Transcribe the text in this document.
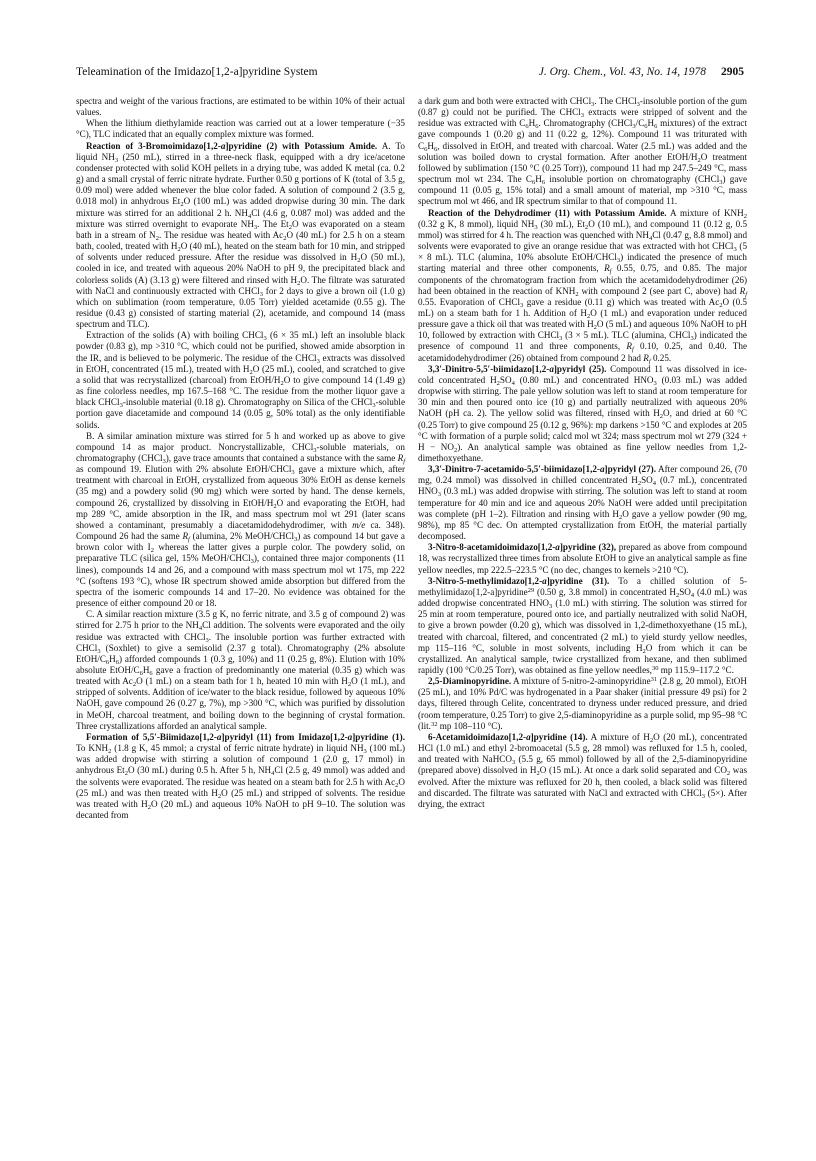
Teleamination of the Imidazo[1,2-a]pyridine System	J. Org. Chem., Vol. 43, No. 14, 1978 2905

spectra and weight of the various fractions, are estimated to be within 10% of their actual values.

When the lithium diethylamide reaction was carried out at a lower temperature (−35 °C), TLC indicated that an equally complex mixture was formed.

Reaction of 3-Bromoimidazo[1,2-a]pyridine (2) with Potassium Amide. A. To liquid $NH_3$ (250 mL), stirred in a three-neck flask, equipped with a dry ice/acetone condenser protected with solid KOH pellets in a drying tube, was added K metal (ca. 0.2 g) and a small crystal of ferric nitrate hydrate. Further 0.50 g portions of K (total of 3.5 g, 0.09 mol) were added whenever the blue color faded. A solution of compound 2 (3.5 g, 0.018 mol) in anhydrous $Et_2O$ (100 mL) was added dropwise during 30 min. The dark mixture was stirred for an additional 2 h. $NH_4Cl$ (4.6 g, 0.087 mol) was added and the mixture was stirred overnight to evaporate $NH_3$. The $Et_2O$ was evaporated on a steam bath in a stream of $N_2$. The residue was heated with $Ac_2O$ (40 mL) for 2.5 h on a steam bath, cooled, treated with $H_2O$ (40 mL), heated on the steam bath for 10 min, and stripped of solvents under reduced pressure. After the residue was dissolved in $H_2O$ (50 mL), cooled in ice, and treated with aqueous 20% NaOH to pH 9, the precipitated black and colorless solids (A) (3.13 g) were filtered and rinsed with $H_2O$. The filtrate was saturated with NaCl and continuously extracted with CHCl$_3$ for 2 days to give a brown oil (1.0 g) which on sublimation (room temperature, 0.05 Torr) yielded acetamide (0.55 g). The residue (0.43 g) consisted of starting material (2), acetamide, and compound 14 (mass spectrum and TLC).

Extraction of the solids (A) with boiling CHCl$_3$ (6 × 35 mL) left an insoluble black powder (0.83 g), mp >310 °C, which could not be purified, showed amide absorption in the IR, and is believed to be polymeric. The residue of the CHCl$_3$ extracts was dissolved in EtOH, concentrated (15 mL), treated with $H_2O$ (25 mL), cooled, and scratched to give a solid that was recrystallized (charcoal) from EtOH/$H_2O$ to give compound 14 (1.49 g) as fine colorless needles, mp 167.5–168 °C. The residue from the mother liquor gave a black CHCl$_3$-insoluble material (0.18 g). Chromatography on Silica of the CHCl$_3$-soluble portion gave diacetamide and compound 14 (0.05 g, 50% total) as the only identifiable solids.

B. A similar amination mixture was stirred for 5 h and worked up as above to give compound 14 as major product. Noncrystallizable, CHCl$_3$-soluble materials, on chromatography (CHCl$_3$), gave trace amounts that contained a substance with the same $R_f$ as compound 19. Elution with 2% absolute EtOH/CHCl$_3$ gave a mixture which, after treatment with charcoal in EtOH, crystallized from aqueous 30% EtOH as dense kernels (35 mg) and a powdery solid (90 mg) which were sorted by hand. The dense kernels, compound 26, crystallized by dissolving in EtOH/$H_2O$ and evaporating the EtOH, had mp 289 °C, amide absorption in the IR, and mass spectrum mol wt 291 (later scans showed a contaminant, presumably a diacetamidodehydrodimer, with m/e ca. 348). Compound 26 had the same $R_f$ (alumina, 2% MeOH/CHCl$_3$) as compound 14 but gave a brown color with $I_2$ whereas the latter gives a purple color. The powdery solid, on preparative TLC (silica gel, 15% MeOH/CHCl$_3$), contained three major components (11 lines), compounds 14 and 26, and a compound with mass spectrum mol wt 175, mp 222 °C (softens 193 °C), whose IR spectrum showed amide absorption but differed from the spectra of the isomeric compounds 14 and 17–20. No evidence was obtained for the presence of either compound 20 or 18.

C. A similar reaction mixture (3.5 g K, no ferric nitrate, and 3.5 g of compound 2) was stirred for 2.75 h prior to the $NH_4Cl$ addition. The solvents were evaporated and the oily residue was extracted with CHCl$_3$. The insoluble portion was further extracted with CHCl$_3$ (Soxhlet) to give a semisolid (2.37 g total). Chromatography (2% absolute EtOH/$C_6H_6$) afforded compounds 1 (0.3 g, 10%) and 11 (0.25 g, 8%). Elution with 10% absolute EtOH/$C_6H_6$ gave a fraction of predominantly one material (0.35 g) which was treated with $Ac_2O$ (1 mL) on a steam bath for 1 h, heated 10 min with $H_2O$ (1 mL), and stripped of solvents. Addition of ice/water to the black residue, followed by aqueous 10% NaOH, gave compound 26 (0.27 g, 7%), mp >300 °C, which was purified by dissolution in MeOH, charcoal treatment, and boiling down to the beginning of crystal formation. Three crystallizations afforded an analytical sample.

Formation of 5,5′-Biimidazo[1,2-a]pyridyl (11) from Imidazo[1,2-a]pyridine (1). To $KNH_2$ (1.8 g K, 45 mmol; a crystal of ferric nitrate hydrate) in liquid $NH_3$ (100 mL) was added dropwise with stirring a solution of compound 1 (2.0 g, 17 mmol) in anhydrous $Et_2O$ (30 mL) during 0.5 h. After 5 h, $NH_4Cl$ (2.5 g, 49 mmol) was added and the solvents were evaporated. The residue was heated on a steam bath for 2.5 h with $Ac_2O$ (25 mL) and was then treated with $H_2O$ (25 mL) and stripped of solvents. The residue was treated with $H_2O$ (20 mL) and aqueous 10% NaOH to pH 9–10. The solution was decanted from

a dark gum and both were extracted with CHCl$_3$. The CHCl$_3$-insoluble portion of the gum (0.87 g) could not be purified. The CHCl$_3$ extracts were stripped of solvent and the residue was extracted with $C_6H_6$. Chromatography ($CHCl_3/C_6H_6$ mixtures) of the extract gave compounds 1 (0.20 g) and 11 (0.22 g, 12%). Compound 11 was triturated with $C_6H_6$, dissolved in EtOH, and treated with charcoal. Water (2.5 mL) was added and the solution was boiled down to crystal formation. After another EtOH/$H_2O$ treatment followed by sublimation (150 °C (0.25 Torr)), compound 11 had mp 247.5–249 °C, mass spectrum mol wt 234. The $C_6H_6$ insoluble portion on chromatography (CHCl$_3$) gave compound 11 (0.05 g, 15% total) and a small amount of material, mp >310 °C, mass spectrum mol wt 466, and IR spectrum similar to that of compound 11.

Reaction of the Dehydrodimer (11) with Potassium Amide. A mixture of $KNH_2$ (0.32 g K, 8 mmol), liquid $NH_3$ (30 mL), $Et_2O$ (10 mL), and compound 11 (0.12 g, 0.5 mmol) was stirred for 4 h. The reaction was quenched with $NH_4Cl$ (0.47 g, 8.8 mmol) and solvents were evaporated to give an orange residue that was extracted with hot CHCl$_3$ (5 × 8 mL). TLC (alumina, 10% absolute EtOH/CHCl$_3$) indicated the presence of much starting material and three other components, $R_f$ 0.55, 0.75, and 0.85. The major components of the chromatogram fraction from which the acetamidodehydrodimer (26) had been obtained in the reaction of $KNH_2$ with compound 2 (see part C, above) had $R_f$ 0.55. Evaporation of CHCl$_3$ gave a residue (0.11 g) which was treated with $Ac_2O$ (0.5 mL) on a steam bath for 1 h. Addition of $H_2O$ (1 mL) and evaporation under reduced pressure gave a thick oil that was treated with $H_2O$ (5 mL) and aqueous 10% NaOH to pH 10, followed by extraction with CHCl$_3$ (3 × 5 mL). TLC (alumina, CHCl$_3$) indicated the presence of compound 11 and three components, $R_f$ 0.10, 0.25, and 0.40. The acetamidodehydrodimer (26) obtained from compound 2 had $R_f$ 0.25.

3,3′-Dinitro-5,5′-biimidazo[1,2-a]pyridyl (25). Compound 11 was dissolved in ice-cold concentrated $H_2SO_4$ (0.80 mL) and concentrated $HNO_3$ (0.03 mL) was added dropwise with stirring. The pale yellow solution was left to stand at room temperature for 30 min and then poured onto ice (10 g) and partially neutralized with aqueous 20% NaOH (pH ca. 2). The yellow solid was filtered, rinsed with $H_2O$, and dried at 60 °C (0.25 Torr) to give compound 25 (0.12 g, 96%): mp darkens >150 °C and explodes at 205 °C with formation of a purple solid; calcd mol wt 324; mass spectrum mol wt 279 $(324 + H - NO_2)$. An analytical sample was obtained as fine yellow needles from 1,2-dimethoxyethane.

3,3′-Dinitro-7-acetamido-5,5′-biimidazo[1,2-a]pyridyl (27). After compound 26, (70 mg, 0.24 mmol) was dissolved in chilled concentrated $H_2SO_4$ (0.7 mL), concentrated $HNO_3$ (0.3 mL) was added dropwise with stirring. The solution was left to stand at room temperature for 40 min and ice and aqueous 20% NaOH were added until precipitation was complete (pH 1–2). Filtration and rinsing with $H_2O$ gave a yellow powder (90 mg, 98%), mp 85 °C dec. On attempted crystallization from EtOH, the material partially decomposed.

3-Nitro-8-acetamidoimidazo[1,2-a]pyridine (32), prepared as above from compound 18, was recrystallized three times from absolute EtOH to give an analytical sample as fine yellow needles, mp 222.5–223.5 °C (no dec, changes to kernels >210 °C).

3-Nitro-5-methylimidazo[1,2-a]pyridine (31). To a chilled solution of 5-methylimidazo[1,2-a]pyridine$^{29}$ (0.50 g, 3.8 mmol) in concentrated $H_2SO_4$ (4.0 mL) was added dropwise concentrated $HNO_3$ (1.0 mL) with stirring. The solution was stirred for 25 min at room temperature, poured onto ice, and partially neutralized with solid NaOH, to give a brown powder (0.20 g), which was dissolved in 1,2-dimethoxyethane (15 mL), treated with charcoal, filtered, and concentrated (2 mL) to yield sturdy yellow needles, mp 115–116 °C, soluble in most solvents, including $H_2O$ from which it can be crystallized. An analytical sample, twice crystallized from hexane, and then sublimed rapidly (100 °C/0.25 Torr), was obtained as fine yellow needles,$^{30}$ mp 115.9–117.2 °C.

2,5-Diaminopyridine. A mixture of 5-nitro-2-aminopyridine$^{31}$ (2.8 g, 20 mmol), EtOH (25 mL), and 10% Pd/C was hydrogenated in a Paar shaker (initial pressure 49 psi) for 2 days, filtered through Celite, concentrated to dryness under reduced pressure, and dried (room temperature, 0.25 Torr) to give 2,5-diaminopyridine as a purple solid, mp 95–98 °C (lit.$^{32}$ mp 108–110 °C).

6-Acetamidoimidazo[1,2-a]pyridine (14). A mixture of $H_2O$ (20 mL), concentrated HCl (1.0 mL) and ethyl 2-bromoacetal (5.5 g, 28 mmol) was refluxed for 1.5 h, cooled, and treated with NaHCO$_3$ (5.5 g, 65 mmol) followed by all of the 2,5-diaminopyridine (prepared above) dissolved in $H_2O$ (15 mL). At once a dark solid separated and $CO_2$ was evolved. After the mixture was refluxed for 20 h, then cooled, a black solid was filtered and discarded. The filtrate was saturated with NaCl and extracted with CHCl$_3$ (5×). After drying, the extract
